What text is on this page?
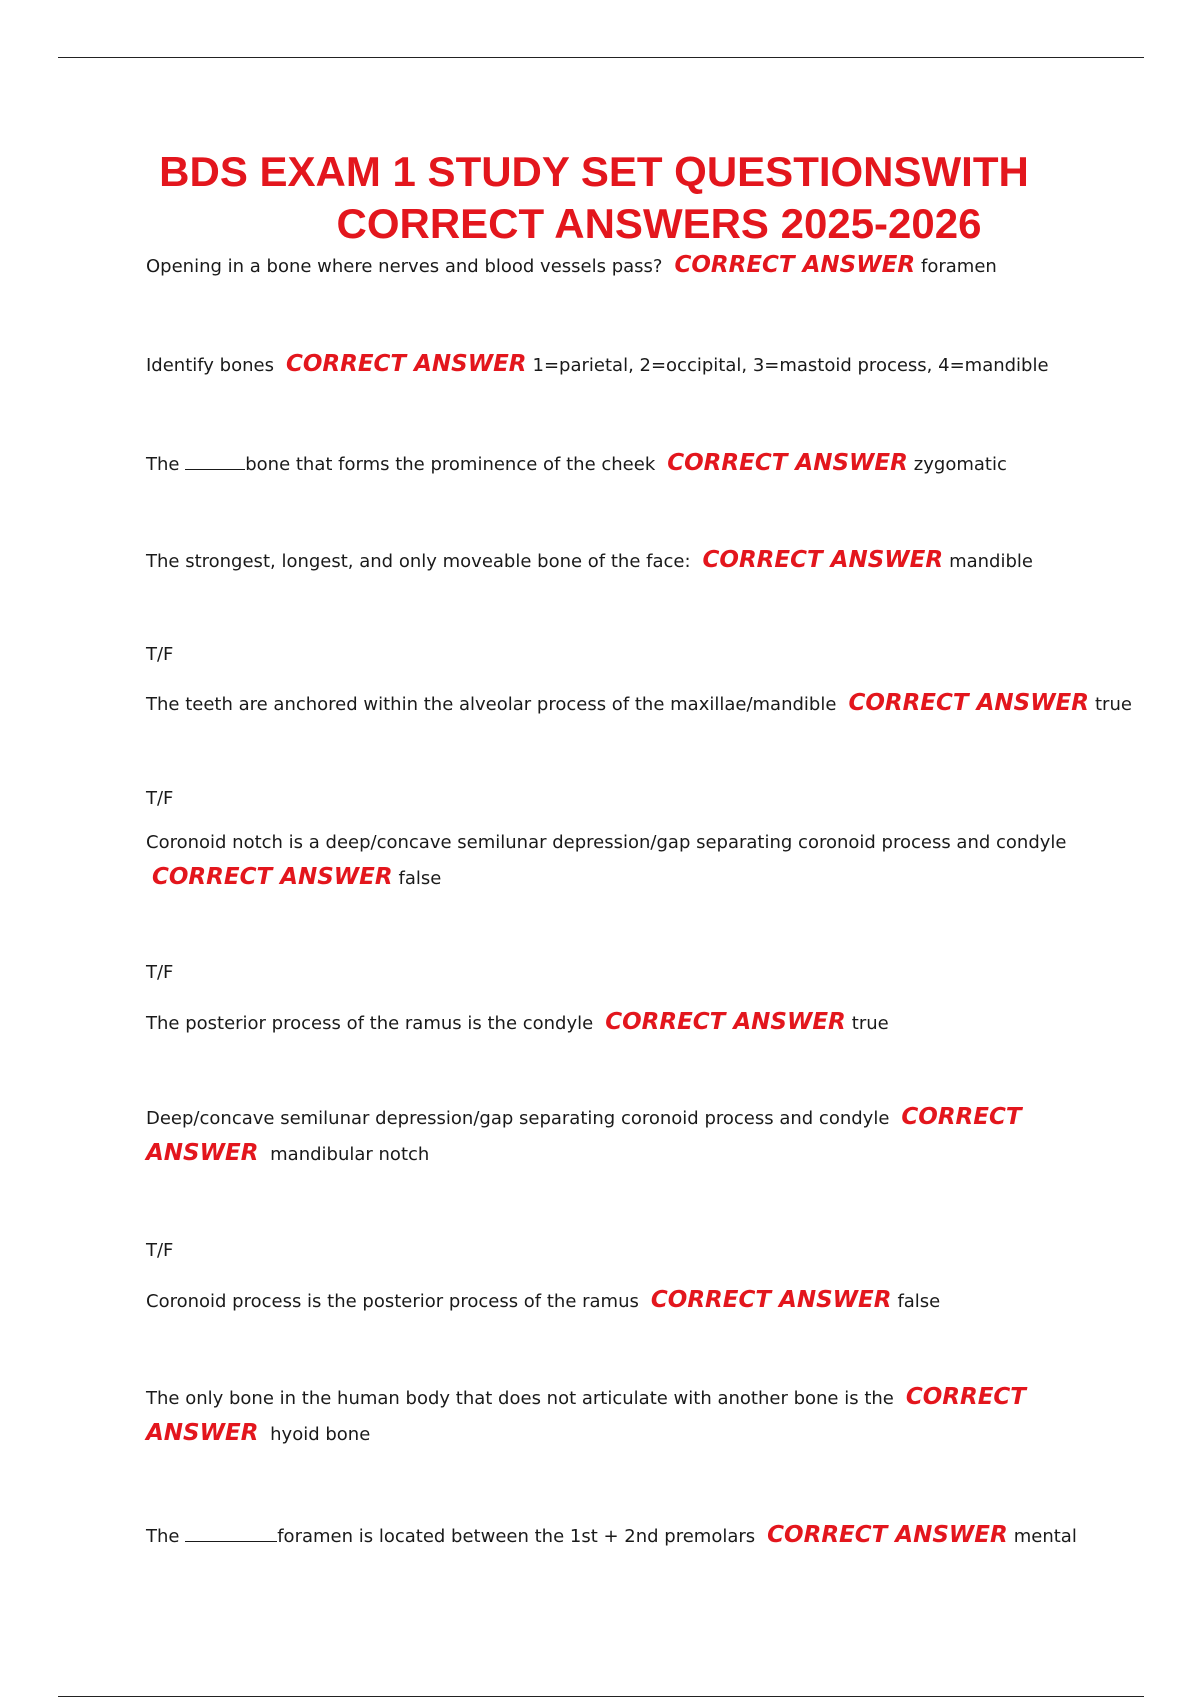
BDS EXAM 1 STUDY SET QUESTIONSWITH
CORRECT ANSWERS 2025-2026
Opening in a bone where nerves and blood vessels pass? CORRECT ANSWER foramen
Identify bones CORRECT ANSWER 1=parietal, 2=occipital, 3=mastoid process, 4=mandible
The	bone that forms the prominence of the cheek CORRECT ANSWER zygomatic
The strongest, longest, and only moveable bone of the face: CORRECT ANSWER mandible
T/F
The teeth are anchored within the alveolar process of the maxillae/mandible CORRECT ANSWER true
T/F
Coronoid notch is a deep/concave semilunar depression/gap separating coronoid process and condyle
CORRECT ANSWER false
T/F
The posterior process of the ramus is the condyle CORRECT ANSWER true
Deep/concave semilunar depression/gap separating coronoid process and condyle CORRECT
ANSWER mandibular notch
T/F
Coronoid process is the posterior process of the ramus CORRECT ANSWER false
The only bone in the human body that does not articulate with another bone is the CORRECT
ANSWER hyoid bone
The	foramen is located between the 1st + 2nd premolars CORRECT ANSWER mental
